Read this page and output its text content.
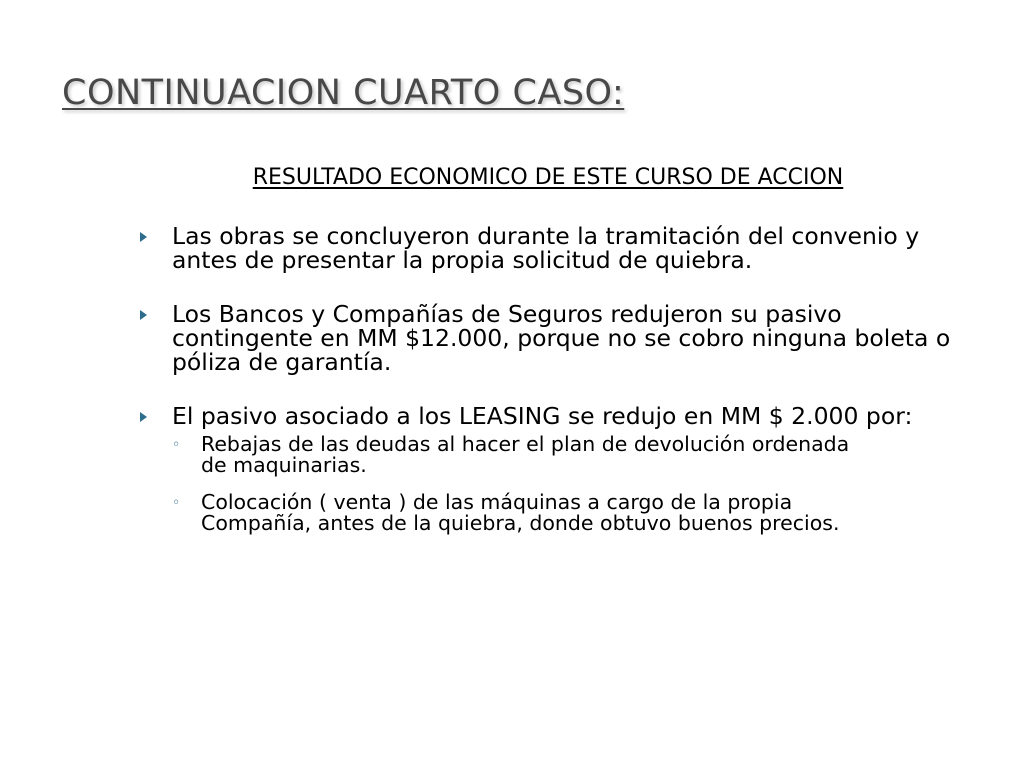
CONTINUACION CUARTO CASO:
RESULTADO ECONOMICO DE ESTE CURSO DE ACCION
Las obras se concluyeron durante la tramitación del convenio y antes de presentar la propia solicitud de quiebra.
Los Bancos y Compañías de Seguros redujeron su pasivo contingente en MM $12.000, porque no se cobro ninguna boleta o póliza de garantía.
El pasivo asociado a los LEASING se redujo en MM $ 2.000 por:
◦ Rebajas de las deudas al hacer el plan de devolución ordenada de maquinarias.
◦ Colocación ( venta ) de las máquinas a cargo de la propia Compañía, antes de la quiebra, donde obtuvo buenos precios.
